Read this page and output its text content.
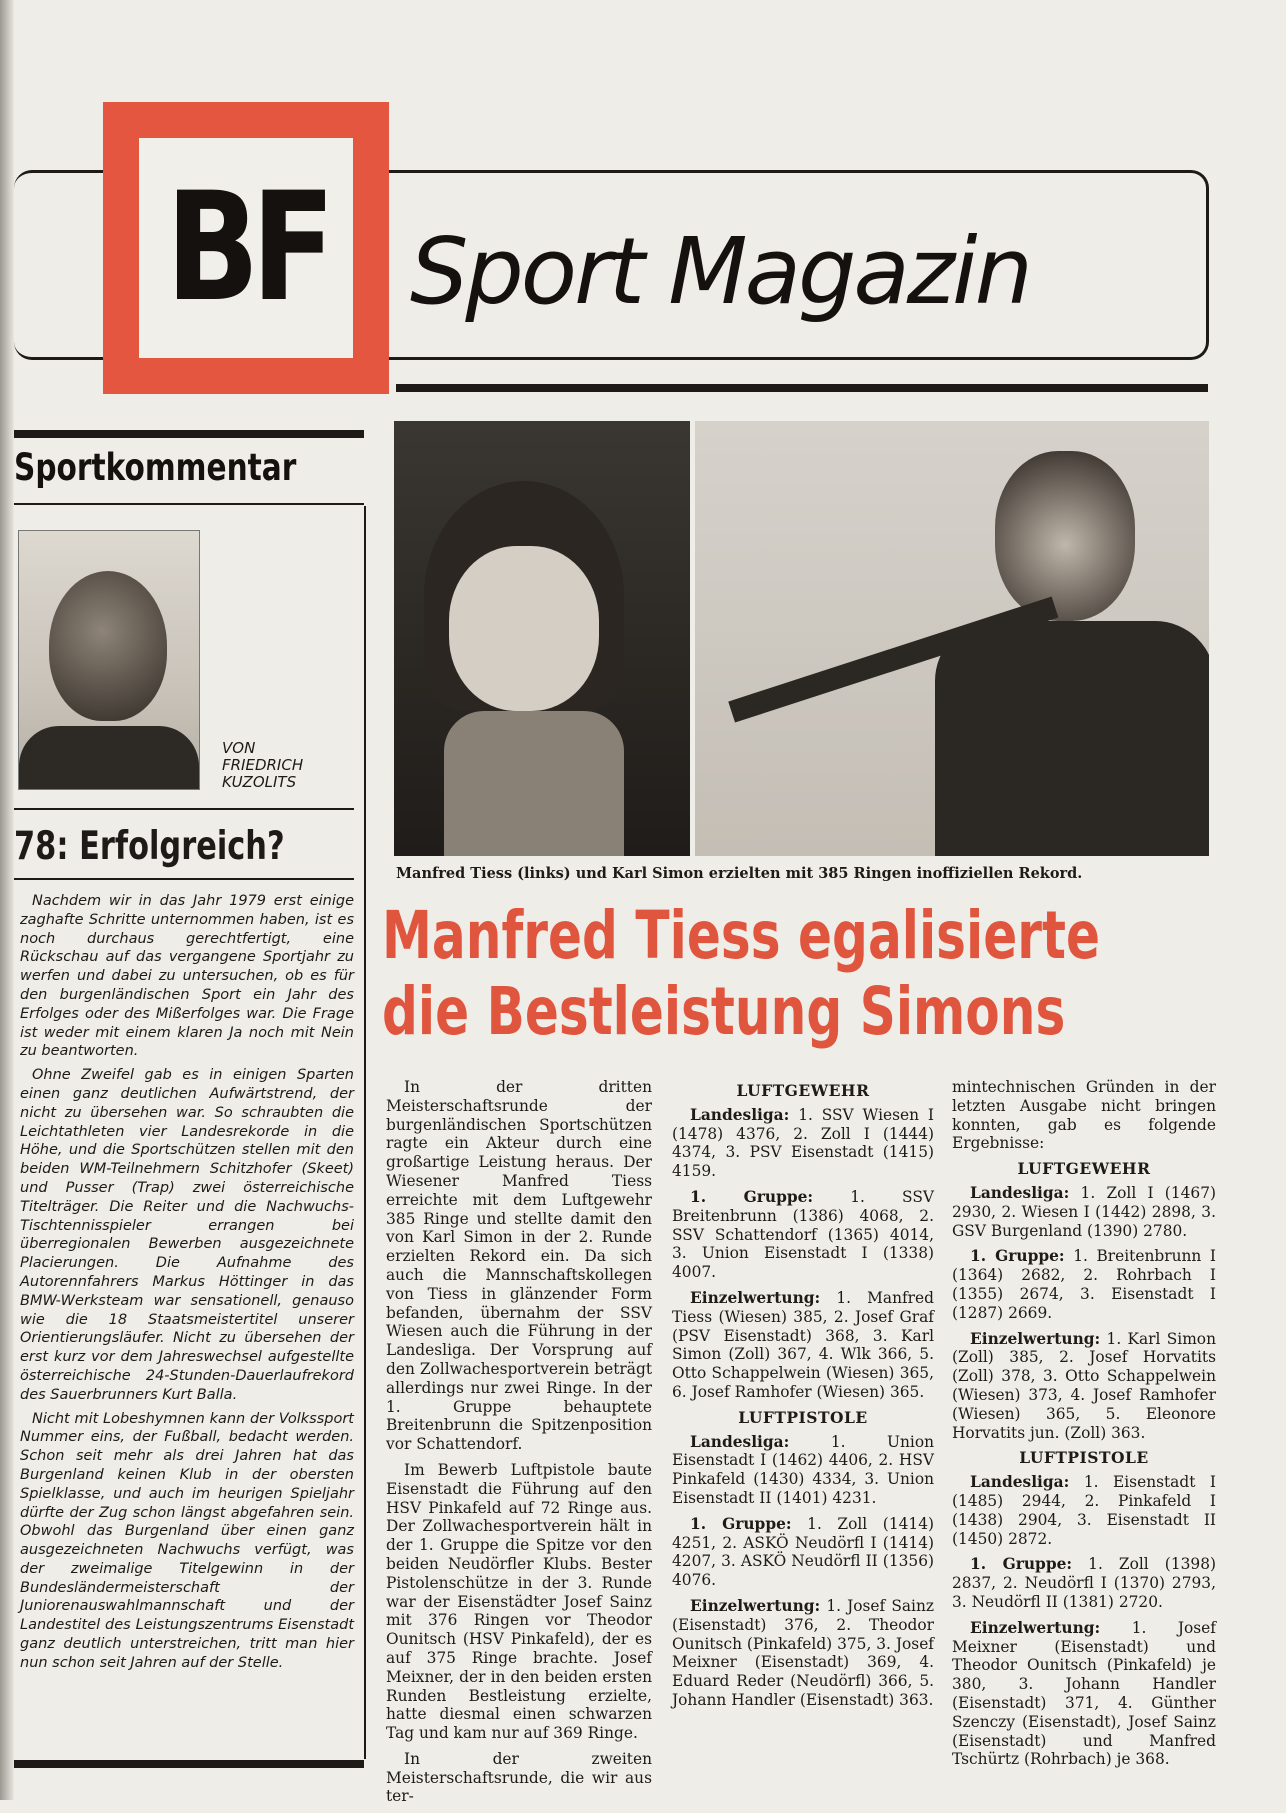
BF Sport Magazin
Sportkommentar
VON
FRIEDRICH
KUZOLITS
78: Erfolgreich?

Nachdem wir in das Jahr 1979 erst einige zaghafte Schritte unternommen haben, ist es noch durchaus gerechtfertigt, eine Rückschau auf das vergangene Sportjahr zu werfen und dabei zu untersuchen, ob es für den burgenländischen Sport ein Jahr des Erfolges oder des Mißerfolges war. Die Frage ist weder mit einem klaren Ja noch mit Nein zu beantworten.

Ohne Zweifel gab es in einigen Sparten einen ganz deutlichen Aufwärtstrend, der nicht zu übersehen war. So schraubten die Leichtathleten vier Landesrekorde in die Höhe, und die Sportschützen stellen mit den beiden WM-Teilnehmern Schitzhofer (Skeet) und Pusser (Trap) zwei österreichische Titelträger. Die Reiter und die Nachwuchs-Tischtennisspieler errangen bei überregionalen Bewerben ausgezeichnete Placierungen. Die Aufnahme des Autorennfahrers Markus Höttinger in das BMW-Werksteam war sensationell, genauso wie die 18 Staatsmeistertitel unserer Orientierungsläufer. Nicht zu übersehen der erst kurz vor dem Jahreswechsel aufgestellte österreichische 24-Stunden-Dauerlaufrekord des Sauerbrunners Kurt Balla.

Nicht mit Lobeshymnen kann der Volkssport Nummer eins, der Fußball, bedacht werden. Schon seit mehr als drei Jahren hat das Burgenland keinen Klub in der obersten Spielklasse, und auch im heurigen Spieljahr dürfte der Zug schon längst abgefahren sein. Obwohl das Burgenland über einen ganz ausgezeichneten Nachwuchs verfügt, was der zweimalige Titelgewinn in der Bundesländermeisterschaft der Juniorenauswahlmannschaft und der Landestitel des Leistungszentrums Eisenstadt ganz deutlich unterstreichen, tritt man hier nun schon seit Jahren auf der Stelle.

Manfred Tiess (links) und Karl Simon erzielten mit 385 Ringen inoffiziellen Rekord.
Manfred Tiess egalisierte
die Bestleistung Simons

In der dritten Meisterschaftsrunde der burgenländischen Sportschützen ragte ein Akteur durch eine großartige Leistung heraus. Der Wiesener Manfred Tiess erreichte mit dem Luftgewehr 385 Ringe und stellte damit den von Karl Simon in der 2. Runde erzielten Rekord ein. Da sich auch die Mannschaftskollegen von Tiess in glänzender Form befanden, übernahm der SSV Wiesen auch die Führung in der Landesliga. Der Vorsprung auf den Zollwachesportverein beträgt allerdings nur zwei Ringe. In der 1. Gruppe behauptete Breitenbrunn die Spitzenposition vor Schattendorf.

Im Bewerb Luftpistole baute Eisenstadt die Führung auf den HSV Pinkafeld auf 72 Ringe aus. Der Zollwachesportverein hält in der 1. Gruppe die Spitze vor den beiden Neudörfler Klubs. Bester Pistolenschütze in der 3. Runde war der Eisenstädter Josef Sainz mit 376 Ringen vor Theodor Ounitsch (HSV Pinkafeld), der es auf 375 Ringe brachte. Josef Meixner, der in den beiden ersten Runden Bestleistung erzielte, hatte diesmal einen schwarzen Tag und kam nur auf 369 Ringe.

In der zweiten Meisterschaftsrunde, die wir aus ter-

LUFTGEWEHR

Landesliga: 1. SSV Wiesen I (1478) 4376, 2. Zoll I (1444) 4374, 3. PSV Eisenstadt (1415) 4159.

1. Gruppe: 1. SSV Breitenbrunn (1386) 4068, 2. SSV Schattendorf (1365) 4014, 3. Union Eisenstadt I (1338) 4007.

Einzelwertung: 1. Manfred Tiess (Wiesen) 385, 2. Josef Graf (PSV Eisenstadt) 368, 3. Karl Simon (Zoll) 367, 4. Wlk 366, 5. Otto Schappelwein (Wiesen) 365, 6. Josef Ramhofer (Wiesen) 365.

LUFTPISTOLE

Landesliga:	1. Union Eisenstadt I (1462) 4406, 2. HSV Pinkafeld (1430) 4334, 3. Union Eisenstadt II (1401) 4231.

1. Gruppe: 1. Zoll (1414) 4251, 2. ASKÖ Neudörfl I (1414) 4207, 3. ASKÖ Neudörfl II (1356) 4076.

Einzelwertung: 1. Josef Sainz (Eisenstadt) 376, 2. Theodor Ounitsch (Pinkafeld) 375, 3. Josef Meixner (Eisenstadt) 369, 4. Eduard Reder (Neudörfl) 366, 5. Johann Handler (Eisenstadt) 363.

mintechnischen Gründen in der letzten Ausgabe nicht bringen konnten, gab es folgende Ergebnisse:

LUFTGEWEHR

Landesliga: 1. Zoll I (1467) 2930, 2. Wiesen I (1442) 2898, 3. GSV Burgenland (1390) 2780.

1. Gruppe: 1. Breitenbrunn I (1364) 2682, 2. Rohrbach I (1355) 2674, 3. Eisenstadt I (1287) 2669.

Einzelwertung: 1. Karl Simon (Zoll) 385, 2. Josef Horvatits (Zoll) 378, 3. Otto Schappelwein (Wiesen) 373, 4. Josef Ramhofer (Wiesen) 365, 5. Eleonore Horvatits jun. (Zoll) 363.

LUFTPISTOLE

Landesliga: 1. Eisenstadt I (1485) 2944, 2. Pinkafeld I (1438) 2904, 3. Eisenstadt II (1450) 2872.

1. Gruppe: 1. Zoll (1398) 2837, 2. Neudörfl I (1370) 2793, 3. Neudörfl II (1381) 2720.

Einzelwertung: 1. Josef Meixner (Eisenstadt) und Theodor Ounitsch (Pinkafeld) je 380, 3. Johann Handler (Eisenstadt) 371, 4. Günther Szenczy (Eisenstadt), Josef Sainz (Eisenstadt) und Manfred Tschürtz (Rohrbach) je 368.
